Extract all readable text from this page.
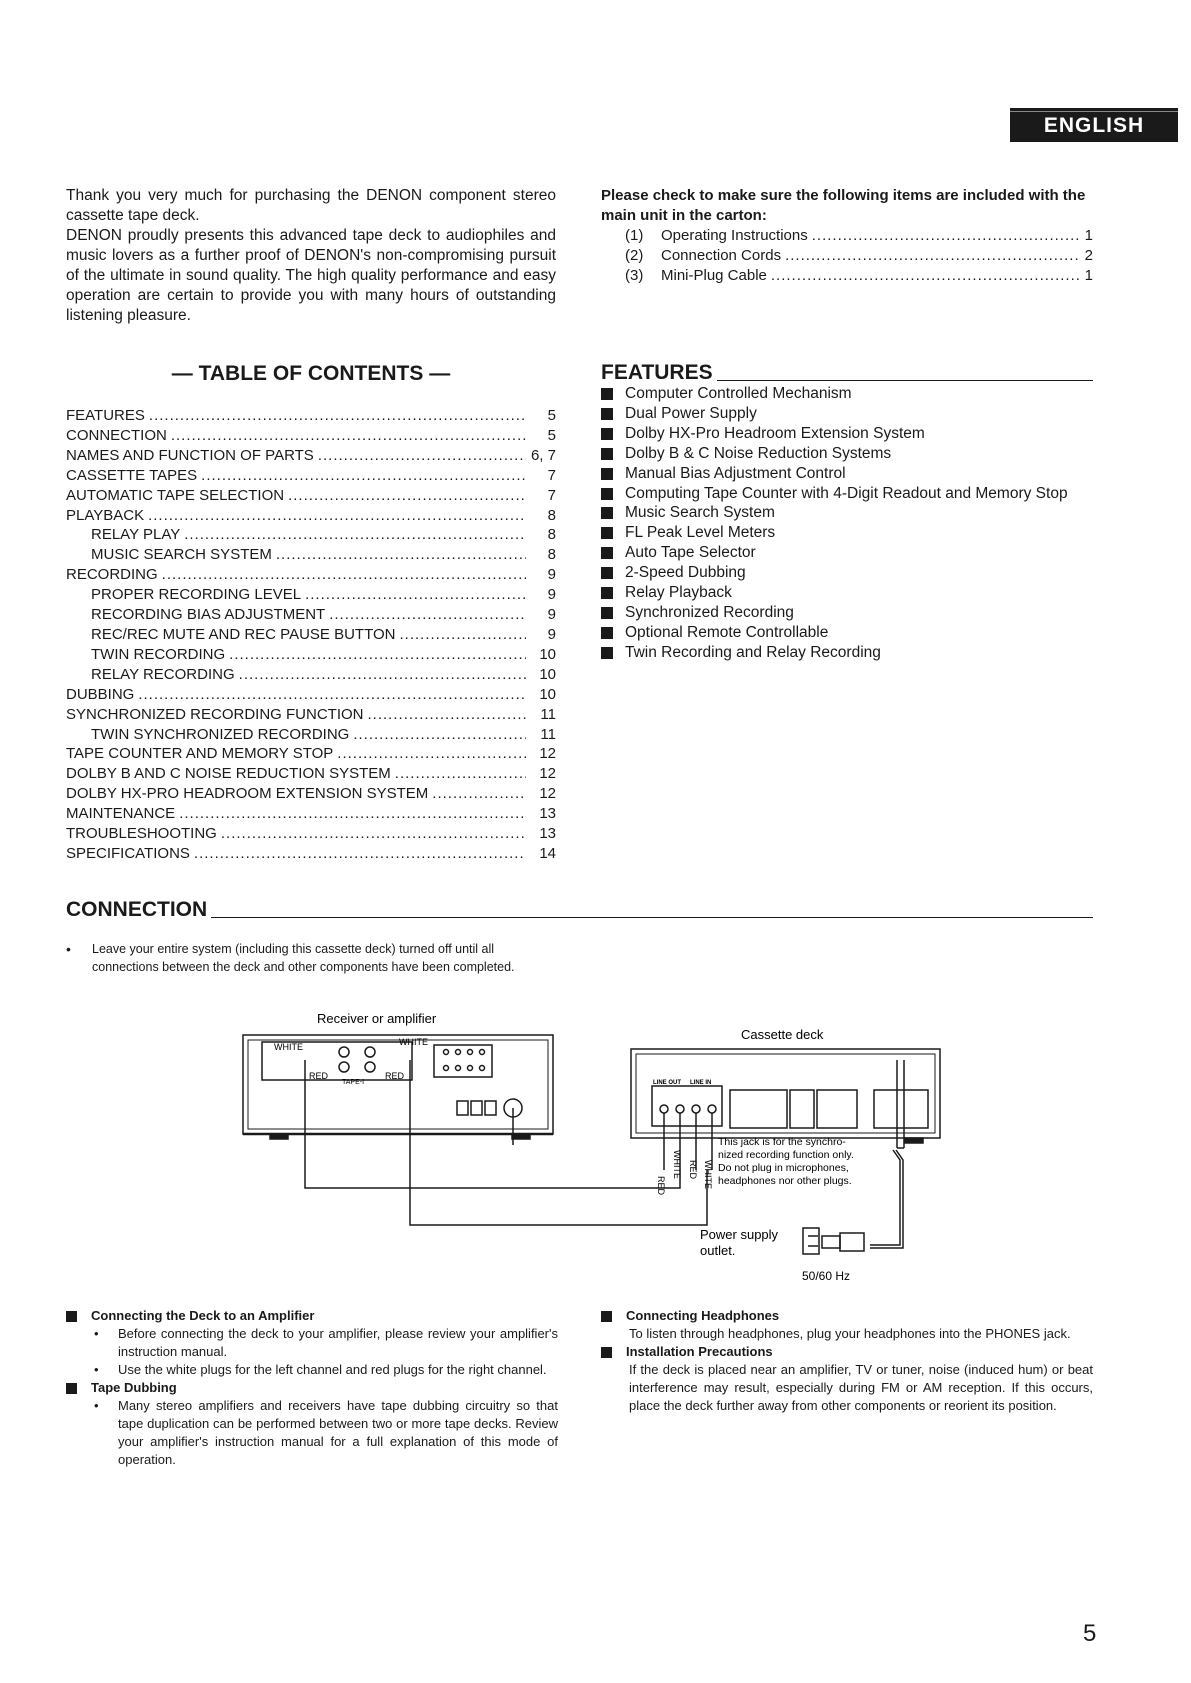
ENGLISH

Thank you very much for purchasing the DENON component stereo cassette tape deck.

DENON proudly presents this advanced tape deck to audiophiles and music lovers as a further proof of DENON's non-compromising pursuit of the ultimate in sound quality. The high quality performance and easy operation are certain to provide you with many hours of outstanding listening pleasure.

Please check to make sure the following items are included with the main unit in the carton:
(1)	Operating Instructions .....	1
(2)	Connection Cords .....	2
(3)	Mini-Plug Cable .....	1
— TABLE OF CONTENTS —
FEATURES .....	5
CONNECTION .....	5
NAMES AND FUNCTION OF PARTS .....	6, 7
CASSETTE TAPES .....	7
AUTOMATIC TAPE SELECTION .....	7
PLAYBACK .....	8
RELAY PLAY .....	8
MUSIC SEARCH SYSTEM .....	8
RECORDING .....	9
PROPER RECORDING LEVEL .....	9
RECORDING BIAS ADJUSTMENT .....	9
REC/REC MUTE AND REC PAUSE BUTTON .....	9
TWIN RECORDING .....	10
RELAY RECORDING .....	10
DUBBING .....	10
SYNCHRONIZED RECORDING FUNCTION .....	11
TWIN SYNCHRONIZED RECORDING .....	11
TAPE COUNTER AND MEMORY STOP .....	12
DOLBY B AND C NOISE REDUCTION SYSTEM .....	12
DOLBY HX-PRO HEADROOM EXTENSION SYSTEM .....	12
MAINTENANCE .....	13
TROUBLESHOOTING .....	13
SPECIFICATIONS .....	14
FEATURES
Computer Controlled Mechanism
Dual Power Supply
Dolby HX-Pro Headroom Extension System
Dolby B & C Noise Reduction Systems
Manual Bias Adjustment Control
Computing Tape Counter with 4-Digit Readout and Memory Stop
Music Search System
FL Peak Level Meters
Auto Tape Selector
2-Speed Dubbing
Relay Playback
Synchronized Recording
Optional Remote Controllable
Twin Recording and Relay Recording
CONNECTION
•	Leave your entire system (including this cassette deck) turned off until all connections between the deck and other components have been completed.
Receiver or amplifier
Cassette deck
WHITE	WHITE
RED	RED
TAPE-I	LINE OUT LINE IN
RED
WHITE RED WHITE
This jack is for the synchro-
nized recording function only.
Do not plug in microphones,
headphones nor other plugs.
Power supply
outlet.
50/60 Hz
Connecting the Deck to an Amplifier
•	Before connecting the deck to your amplifier, please review your amplifier's instruction manual.
•	Use the white plugs for the left channel and red plugs for the right channel.
Tape Dubbing
•	Many stereo amplifiers and receivers have tape dubbing circuitry so that tape duplication can be performed between two or more tape decks. Review your amplifier's instruction manual for a full explanation of this mode of operation.
Connecting Headphones
To listen through headphones, plug your headphones into the PHONES jack.
Installation Precautions
If the deck is placed near an amplifier, TV or tuner, noise (induced hum) or beat interference may result, especially during FM or AM reception. If this occurs, place the deck further away from other components or reorient its position.
5
